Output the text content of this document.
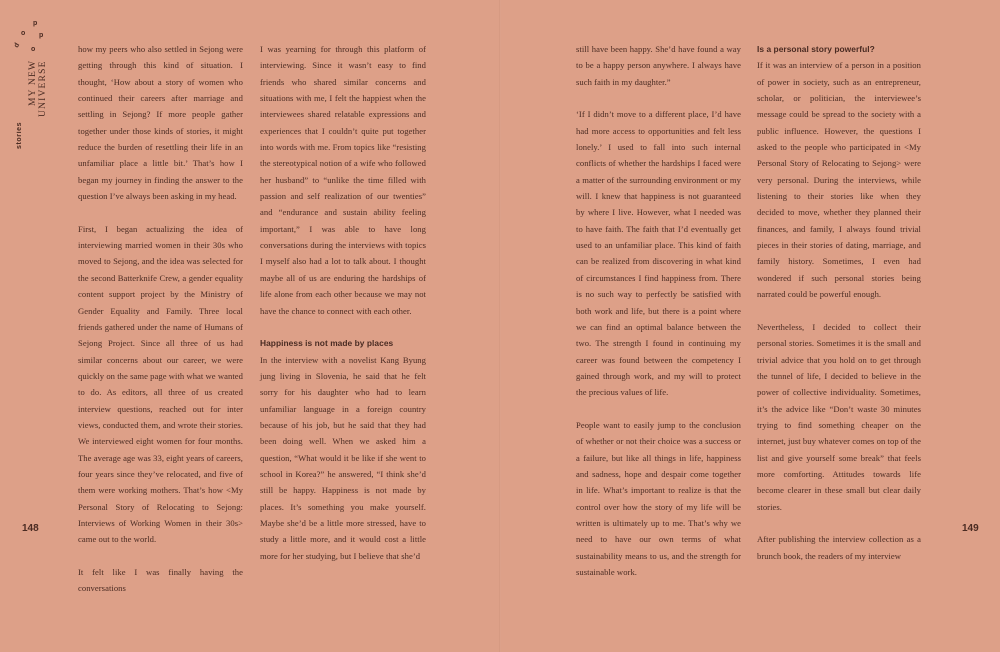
p
o p
d
o
MY NEW UNIVERSE
stories

how my peers who also settled in Sejong were getting through this kind of situation. I thought, ‘How about a story of women who continued their careers after marriage and settling in Sejong? If more people gather together under those kinds of stories, it might reduce the burden of resettling their life in an unfamiliar place a little bit.’ That’s how I began my journey in finding the answer to the question I’ve always been asking in my head.

First, I began actualizing the idea of interviewing married women in their 30s who moved to Sejong, and the idea was selected for the second Batterknife Crew, a gender equality content support project by the Ministry of Gender Equality and Family. Three local friends gathered under the name of Humans of Sejong Project. Since all three of us had similar concerns about our career, we were quickly on the same page with what we wanted to do. As editors, all three of us created interview questions, reached out for inter views, conducted them, and wrote their stories. We interviewed eight women for four months. The average age was 33, eight years of careers, four years since they’ve relocated, and five of them were working mothers. That’s how <My Personal Story of Relocating to Sejong: Interviews of Working Women in their 30s> came out to the world.

It felt like I was finally having the conversations

I was yearning for through this platform of interviewing. Since it wasn’t easy to find friends who shared similar concerns and situations with me, I felt the happiest when the interviewees shared relatable expressions and experiences that I couldn’t quite put together into words with me. From topics like “resisting the stereotypical notion of a wife who followed her husband” to “unlike the time filled with passion and self realization of our twenties” and “endurance and sustain ability feeling important,” I was able to have long conversations during the interviews with topics I myself also had a lot to talk about. I thought maybe all of us are enduring the hardships of life alone from each other because we may not have the chance to connect with each other.

Happiness is not made by places

In the interview with a novelist Kang Byung jung living in Slovenia, he said that he felt sorry for his daughter who had to learn unfamiliar language in a foreign country because of his job, but he said that they had been doing well. When we asked him a question, “What would it be like if she went to school in Korea?” he answered, “I think she’d still be happy. Happiness is not made by places. It’s something you make yourself. Maybe she’d be a little more stressed, have to study a little more, and it would cost a little more for her studying, but I believe that she’d

148

still have been happy. She’d have found a way to be a happy person anywhere. I always have such faith in my daughter.”

‘If I didn’t move to a different place, I’d have had more access to opportunities and felt less lonely.’ I used to fall into such internal conflicts of whether the hardships I faced were a matter of the surrounding environment or my will. I knew that happiness is not guaranteed by where I live. However, what I needed was to have faith. The faith that I’d eventually get used to an unfamiliar place. This kind of faith can be realized from discovering in what kind of circumstances I find happiness from. There is no such way to perfectly be satisfied with both work and life, but there is a point where we can find an optimal balance between the two. The strength I found in continuing my career was found between the competency I gained through work, and my will to protect the precious values of life.

People want to easily jump to the conclusion of whether or not their choice was a success or a failure, but like all things in life, happiness and sadness, hope and despair come together in life. What’s important to realize is that the control over how the story of my life will be written is ultimately up to me. That’s why we need to have our own terms of what sustainability means to us, and the strength for sustainable work.

Is a personal story powerful?

If it was an interview of a person in a position of power in society, such as an entrepreneur, scholar, or politician, the interviewee’s message could be spread to the society with a public influence. However, the questions I asked to the people who participated in <My Personal Story of Relocating to Sejong> were very personal. During the interviews, while listening to their stories like when they decided to move, whether they planned their finances, and family, I always found trivial pieces in their stories of dating, marriage, and family history. Sometimes, I even had wondered if such personal stories being narrated could be powerful enough.

Nevertheless, I decided to collect their personal stories. Sometimes it is the small and trivial advice that you hold on to get through the tunnel of life, I decided to believe in the power of collective individuality. Sometimes, it’s the advice like “Don’t waste 30 minutes trying to find something cheaper on the internet, just buy whatever comes on top of the list and give yourself some break” that feels more comforting. Attitudes towards life become clearer in these small but clear daily stories.

After publishing the interview collection as a brunch book, the readers of my interview

149
